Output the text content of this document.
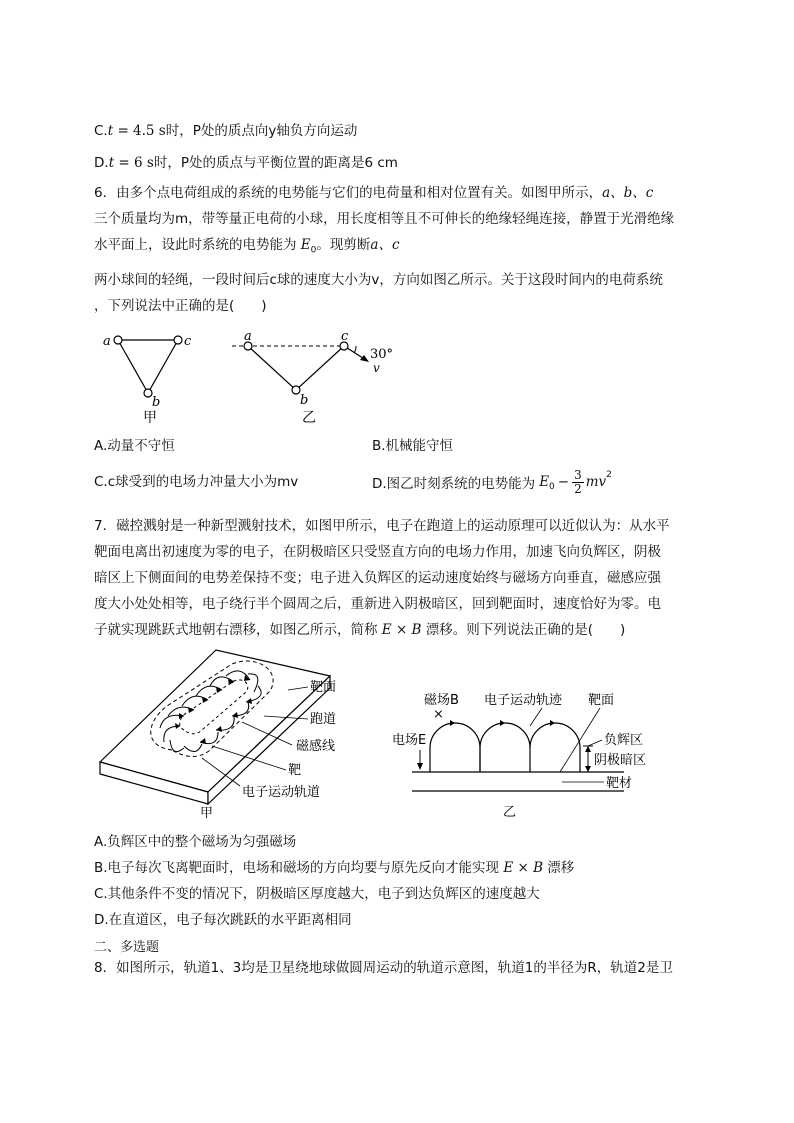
C.t = 4.5 s时，P处的质点向y轴负方向运动
D.t = 6 s时，P处的质点与平衡位置的距离是6 cm
6．由多个点电荷组成的系统的电势能与它们的电荷量和相对位置有关。如图甲所示，a、b、c
三个质量均为m，带等量正电荷的小球，用长度相等且不可伸长的绝缘轻绳连接，静置于光滑绝缘
水平面上，设此时系统的电势能为 $E_0$。现剪断a、c
两小球间的轻绳，一段时间后c球的速度大小为v，方向如图乙所示。关于这段时间内的电荷系统
，下列说法中正确的是(　　)
a	c
b
甲
a	c
b
30°
v
乙
A.动量不守恒	B.机械能守恒
C.c球受到的电场力冲量大小为mv	D.图乙时刻系统的电势能为 $E_0 - \frac{3}{2} mv^2$
7．磁控溅射是一种新型溅射技术，如图甲所示，电子在跑道上的运动原理可以近似认为：从水平
靶面电离出初速度为零的电子，在阴极暗区只受竖直方向的电场力作用，加速飞向负辉区，阴极
暗区上下侧面间的电势差保持不变；电子进入负辉区的运动速度始终与磁场方向垂直，磁感应强
度大小处处相等，电子绕行半个圆周之后，重新进入阴极暗区，回到靶面时，速度恰好为零。电
子就实现跳跃式地朝右漂移，如图乙所示，简称 E × B 漂移。则下列说法正确的是(　　)
靶面
跑道
磁感线
靶
电子运动轨道
甲
磁场B
×
电子运动轨迹 靶面
电场E	负辉区
阴极暗区
靶材
乙
A.负辉区中的整个磁场为匀强磁场
B.电子每次飞离靶面时，电场和磁场的方向均要与原先反向才能实现 E × B 漂移
C.其他条件不变的情况下，阴极暗区厚度越大，电子到达负辉区的速度越大
D.在直道区，电子每次跳跃的水平距离相同
二、多选题
8．如图所示，轨道1、3均是卫星绕地球做圆周运动的轨道示意图，轨道1的半径为R，轨道2是卫
